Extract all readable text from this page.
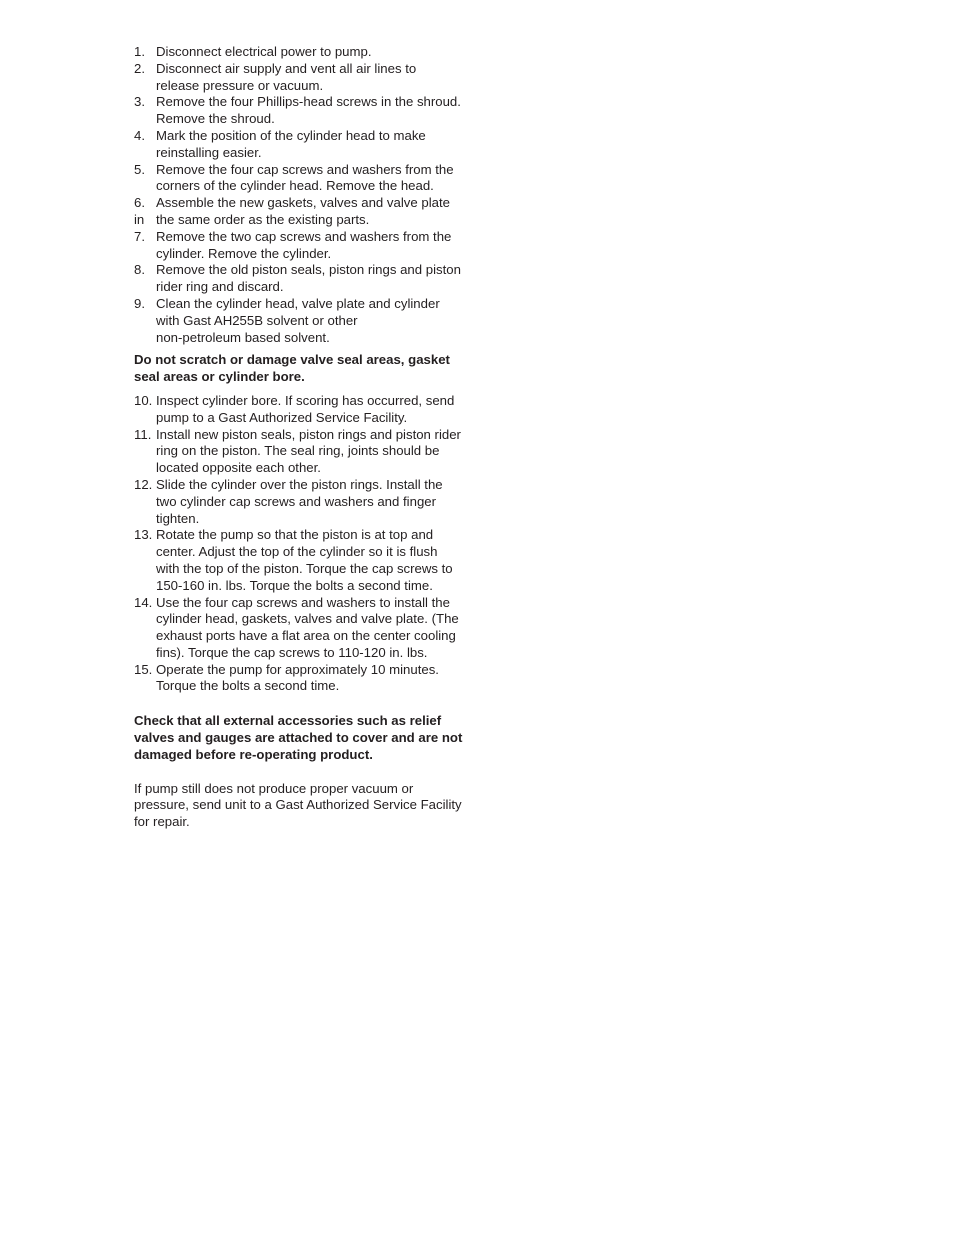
1. Disconnect electrical power to pump.
2. Disconnect air supply and vent all air lines to
release pressure or vacuum.
3. Remove the four Phillips-head screws in the shroud.
Remove the shroud.
4. Mark the position of the cylinder head to make
reinstalling easier.
5. Remove the four cap screws and washers from the
corners of the cylinder head. Remove the head.
6.
in
Assemble the new gaskets, valves and valve plate
the same order as the existing parts.
7. Remove the two cap screws and washers from the
cylinder. Remove the cylinder.
8. Remove the old piston seals, piston rings and piston
rider ring and discard.
9. Clean the cylinder head, valve plate and cylinder
with Gast AH255B solvent or other
non-petroleum based solvent.

Do not scratch or damage valve seal areas, gasket
seal areas or cylinder bore.

10. Inspect cylinder bore. If scoring has occurred, send
pump to a Gast Authorized Service Facility.
11. Install new piston seals, piston rings and piston rider
ring on the piston. The seal ring, joints should be
located opposite each other.
12. Slide the cylinder over the piston rings. Install the
two cylinder cap screws and washers and finger
tighten.
13. Rotate the pump so that the piston is at top and
center. Adjust the top of the cylinder so it is flush
with the top of the piston. Torque the cap screws to
150-160 in. lbs. Torque the bolts a second time.
14. Use the four cap screws and washers to install the
cylinder head, gaskets, valves and valve plate. (The
exhaust ports have a flat area on the center cooling
fins). Torque the cap screws to 110-120 in. lbs.
15. Operate the pump for approximately 10 minutes.
Torque the bolts a second time.

Check that all external accessories such as relief
valves and gauges are attached to cover and are not
damaged before re-operating product.

If pump still does not produce proper vacuum or
pressure, send unit to a Gast Authorized Service Facility
for repair.
